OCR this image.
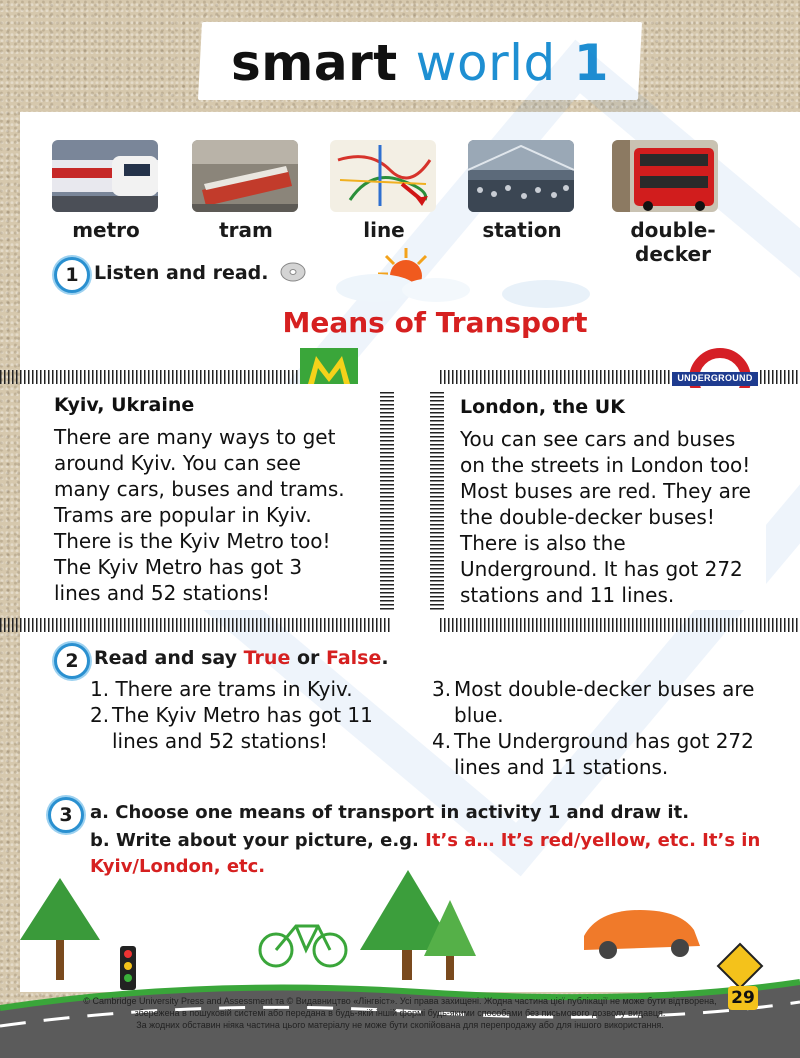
smart world 1
metro	tram	line	station	double-decker
1 Listen and read.
Means of Transport
Kyiv, Ukraine

There are many ways to get around Kyiv. You can see many cars, buses and trams. Trams are popular in Kyiv. There is the Kyiv Metro too! The Kyiv Metro has got 3 lines and 52 stations!

UNDERGROUND
London, the UK

You can see cars and buses on the streets in London too! Most buses are red. They are the double-decker buses! There is also the Underground. It has got 272 stations and 11 lines.

2 Read and say True or False.
1. There are trams in Kyiv.
2. The Kyiv Metro has got 11 lines and 52 stations!
3. Most double-decker buses are blue.
4. The Underground has got 272 lines and 11 stations.
3 a. Choose one means of transport in activity 1 and draw it.
b. Write about your picture, e.g. It’s a… It’s red/yellow, etc. It’s in Kyiv/London, etc.
© Cambridge University Press and Assessment та © Видавництво «Лінгвіст». Усі права захищені. Жодна частина цієї публікації не може бути відтворена,
збережена в пошуковій системі або передана в будь-якій іншій формі будь-якими способами без письмового дозволу видавця.
За жодних обставин ніяка частина цього матеріалу не може бути скопійована для перепродажу або для іншого використання.
29
